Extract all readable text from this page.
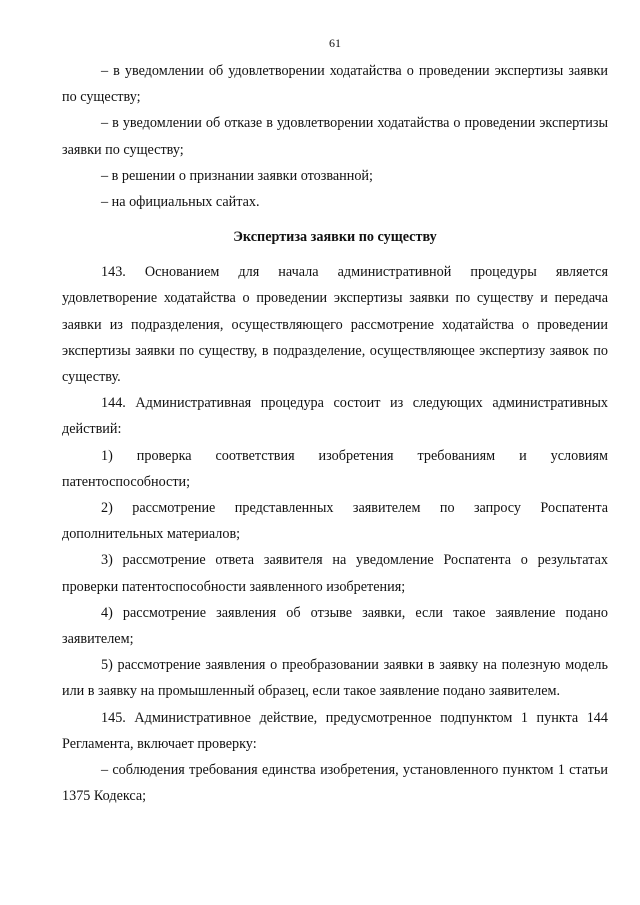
61

– в уведомлении об удовлетворении ходатайства о проведении экспертизы заявки по существу;

– в уведомлении об отказе в удовлетворении ходатайства о проведении экспертизы заявки по существу;

– в решении о признании заявки отозванной;

– на официальных сайтах.

Экспертиза заявки по существу

143. Основанием для начала административной процедуры является удовлетворение ходатайства о проведении экспертизы заявки по существу и передача заявки из подразделения, осуществляющего рассмотрение ходатайства о проведении экспертизы заявки по существу, в подразделение, осуществляющее экспертизу заявок по существу.

144. Административная процедура состоит из следующих административных действий:

1) проверка соответствия изобретения требованиям и условиям патентоспособности;

2) рассмотрение представленных заявителем по запросу Роспатента дополнительных материалов;

3) рассмотрение ответа заявителя на уведомление Роспатента о результатах проверки патентоспособности заявленного изобретения;

4) рассмотрение заявления об отзыве заявки, если такое заявление подано заявителем;

5) рассмотрение заявления о преобразовании заявки в заявку на полезную модель или в заявку на промышленный образец, если такое заявление подано заявителем.

145. Административное действие, предусмотренное подпунктом 1 пункта 144 Регламента, включает проверку:

– соблюдения требования единства изобретения, установленного пунктом 1 статьи 1375 Кодекса;
